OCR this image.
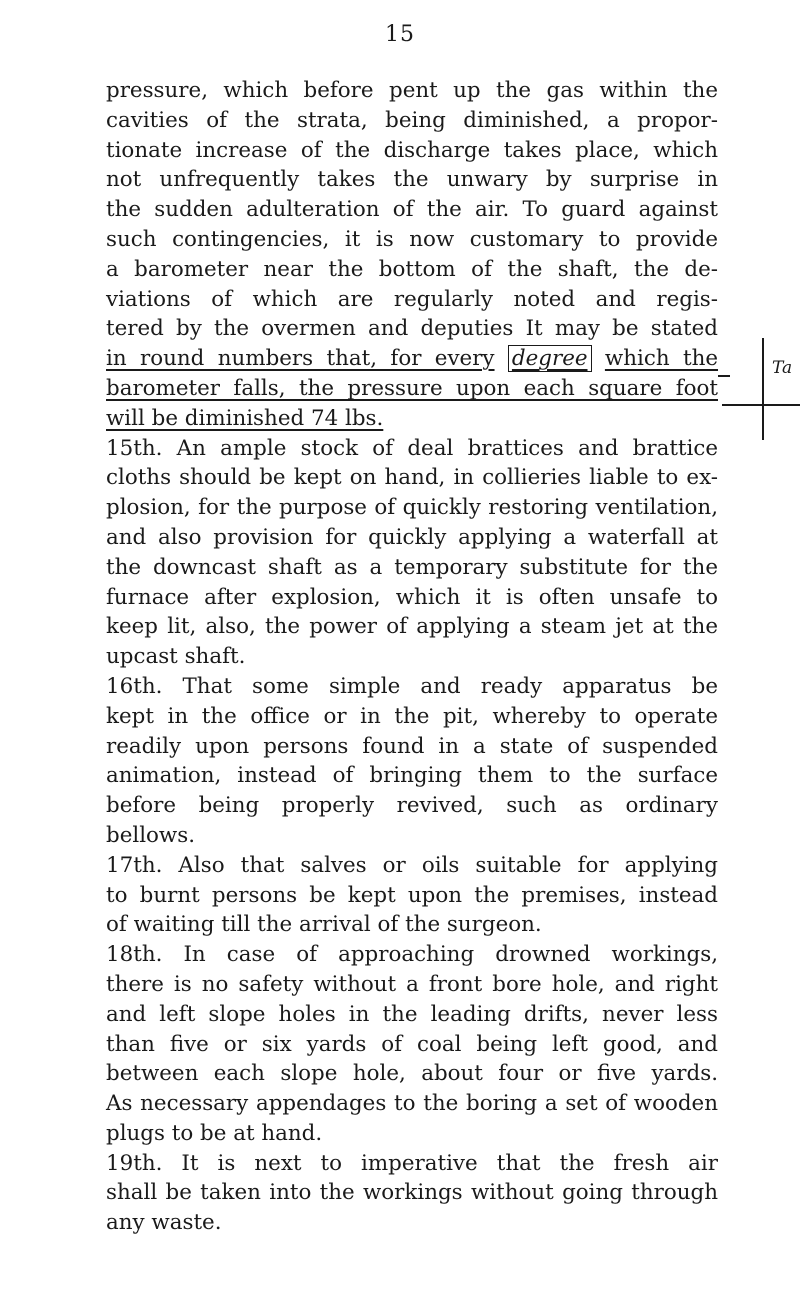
15
pressure, which before pent up the gas within the
cavities of the strata, being diminished, a propor-
tionate increase of the discharge takes place, which
not unfrequently takes the unwary by surprise in
the sudden adulteration of the air. To guard against
such contingencies, it is now customary to provide
a barometer near the bottom of the shaft, the de-
viations of which are regularly noted and regis-
tered by the overmen and deputies It may be stated
in round numbers that, for every degree which the
barometer falls, the pressure upon each square foot
will be diminished 74 lbs.
15th. An ample stock of deal brattices and brattice
cloths should be kept on hand, in collieries liable to ex-
plosion, for the purpose of quickly restoring ventilation,
and also provision for quickly applying a waterfall at
the downcast shaft as a temporary substitute for the
furnace after explosion, which it is often unsafe to
keep lit, also, the power of applying a steam jet at the
upcast shaft.
16th. That some simple and ready apparatus be
kept in the office or in the pit, whereby to operate
readily upon persons found in a state of suspended
animation, instead of bringing them to the surface
before being properly revived, such as ordinary
bellows.
17th. Also that salves or oils suitable for applying
to burnt persons be kept upon the premises, instead
of waiting till the arrival of the surgeon.
18th. In case of approaching drowned workings,
there is no safety without a front bore hole, and right
and left slope holes in the leading drifts, never less
than five or six yards of coal being left good, and
between each slope hole, about four or five yards.
As necessary appendages to the boring a set of wooden
plugs to be at hand.
19th. It is next to imperative that the fresh air
shall be taken into the workings without going through
any waste.
Ta
